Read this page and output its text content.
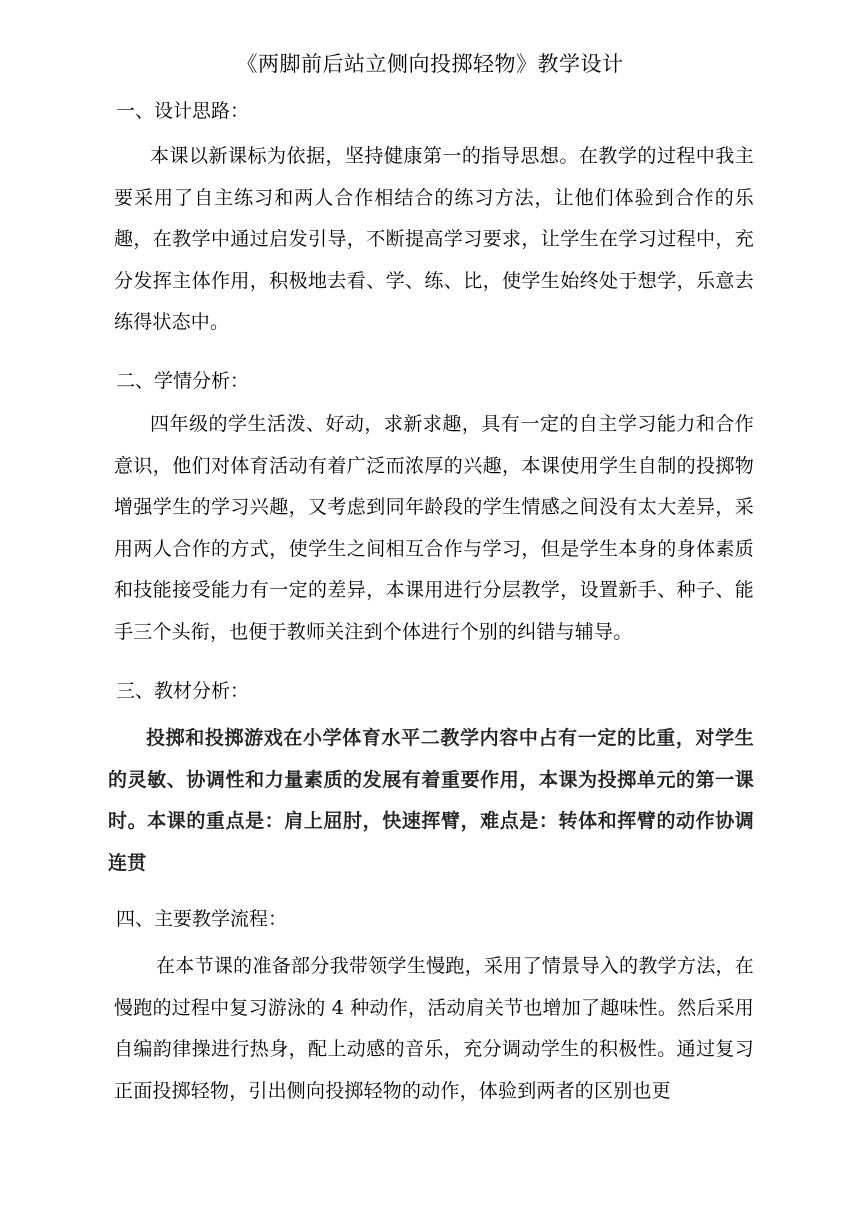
《两脚前后站立侧向投掷轻物》教学设计
一、设计思路：
本课以新课标为依据，坚持健康第一的指导思想。在教学的过程中我主要采用了自主练习和两人合作相结合的练习方法，让他们体验到合作的乐趣，在教学中通过启发引导，不断提高学习要求，让学生在学习过程中，充分发挥主体作用，积极地去看、学、练、比，使学生始终处于想学，乐意去练得状态中。
二、学情分析：
四年级的学生活泼、好动，求新求趣，具有一定的自主学习能力和合作意识，他们对体育活动有着广泛而浓厚的兴趣，本课使用学生自制的投掷物增强学生的学习兴趣，又考虑到同年龄段的学生情感之间没有太大差异，采用两人合作的方式，使学生之间相互合作与学习，但是学生本身的身体素质和技能接受能力有一定的差异，本课用进行分层教学，设置新手、种子、能手三个头衔，也便于教师关注到个体进行个别的纠错与辅导。
三、教材分析：
投掷和投掷游戏在小学体育水平二教学内容中占有一定的比重，对学生的灵敏、协调性和力量素质的发展有着重要作用，本课为投掷单元的第一课时。本课的重点是：肩上屈肘，快速挥臂，难点是：转体和挥臂的动作协调连贯
四、主要教学流程：
在本节课的准备部分我带领学生慢跑，采用了情景导入的教学方法，在慢跑的过程中复习游泳的 4 种动作，活动肩关节也增加了趣味性。然后采用自编韵律操进行热身，配上动感的音乐，充分调动学生的积极性。通过复习正面投掷轻物，引出侧向投掷轻物的动作，体验到两者的区别也更
